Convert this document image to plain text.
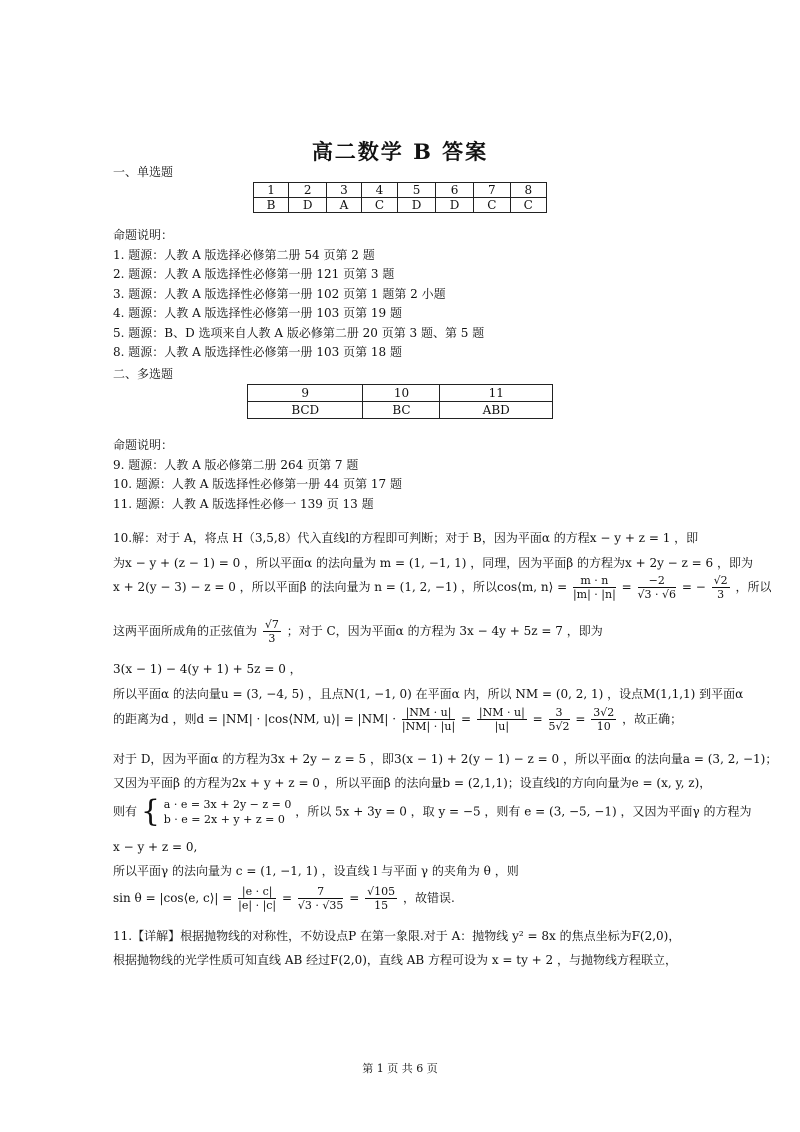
高二数学 B 答案
一、单选题
1	2	3	4	5	6	7	8
B	D	A	C	D	D	C	C
命题说明：
1. 题源：人教 A 版选择必修第二册 54 页第 2 题
2. 题源：人教 A 版选择性必修第一册 121 页第 3 题
3. 题源：人教 A 版选择性必修第一册 102 页第 1 题第 2 小题
4. 题源：人教 A 版选择性必修第一册 103 页第 19 题
5. 题源：B、D 选项来自人教 A 版必修第二册 20 页第 3 题、第 5 题
8. 题源：人教 A 版选择性必修第一册 103 页第 18 题
二、多选题
9	10	11
BCD	BC	ABD
命题说明：
9. 题源：人教 A 版必修第二册 264 页第 7 题
10. 题源：人教 A 版选择性必修第一册 44 页第 17 题
11. 题源：人教 A 版选择性必修一 139 页 13 题
10.解：对于 A，将点 H（3,5,8）代入直线l的方程即可判断；对于 B，因为平面α 的方程x − y + z = 1 ，即
为x − y + (z − 1) = 0 ，所以平面α 的法向量为 m = (1, −1, 1) ，同理，因为平面β 的方程为x + 2y − z = 6 ，即为
x + 2(y − 3) − z = 0 ，所以平面β 的法向量为 n = (1, 2, −1) ，所以cos⟨m, n⟩ = $\frac{m \cdot n}{|m| \cdot |n|} = \frac{-2}{√3 \cdot √6}$ = − $\frac{√2}{3}$ ，所以
这两平面所成角的正弦值为 $\frac{√7}{3}$ ；对于 C，因为平面α 的方程为 3x − 4y + 5z = 7 ，即为
3(x − 1) − 4(y + 1) + 5z = 0 ，
所以平面α 的法向量u = (3, −4, 5) ，且点N(1, −1, 0) 在平面α 内，所以 NM = (0, 2, 1) ，设点M(1,1,1) 到平面α
的距离为d ，则d = |NM| · |cos⟨NM, u⟩| = $|NM| \cdot \frac{|NM \cdot u|}{|NM| \cdot |u|} = \frac{|NM \cdot u|}{|u|} = \frac{3}{5√2} = \frac{3√2}{10}$ ，故正确；
对于 D，因为平面α 的方程为3x + 2y − z = 5 ，即3(x − 1) + 2(y − 1) − z = 0 ，所以平面α 的法向量a = (3, 2, −1)；
又因为平面β 的方程为2x + y + z = 0 ，所以平面β 的法向量b = (2,1,1)；设直线l的方向向量为e = (x, y, z)，
则有 { a · e = 3x + 2y − z = 0
b · e = 2x + y + z = 0
，所以 5x + 3y = 0 ，取 y = −5 ，则有 e = (3, −5, −1) ，又因为平面γ 的方程为
x − y + z = 0,
所以平面γ 的法向量为 c = (1, −1, 1) ，设直线 l 与平面 γ 的夹角为 θ ，则
sin θ = |cos⟨e, c⟩| = $\frac{|e \cdot c|}{|e| \cdot |c|} = \frac{7}{√3 \cdot √35} = \frac{√105}{15}$ ，故错误.
11.【详解】根据抛物线的对称性，不妨设点P 在第一象限.对于 A：抛物线 y² = 8x 的焦点坐标为F(2,0)，
根据抛物线的光学性质可知直线 AB 经过F(2,0)，直线 AB 方程可设为 x = ty + 2 ，与抛物线方程联立，
第 1 页 共 6 页
